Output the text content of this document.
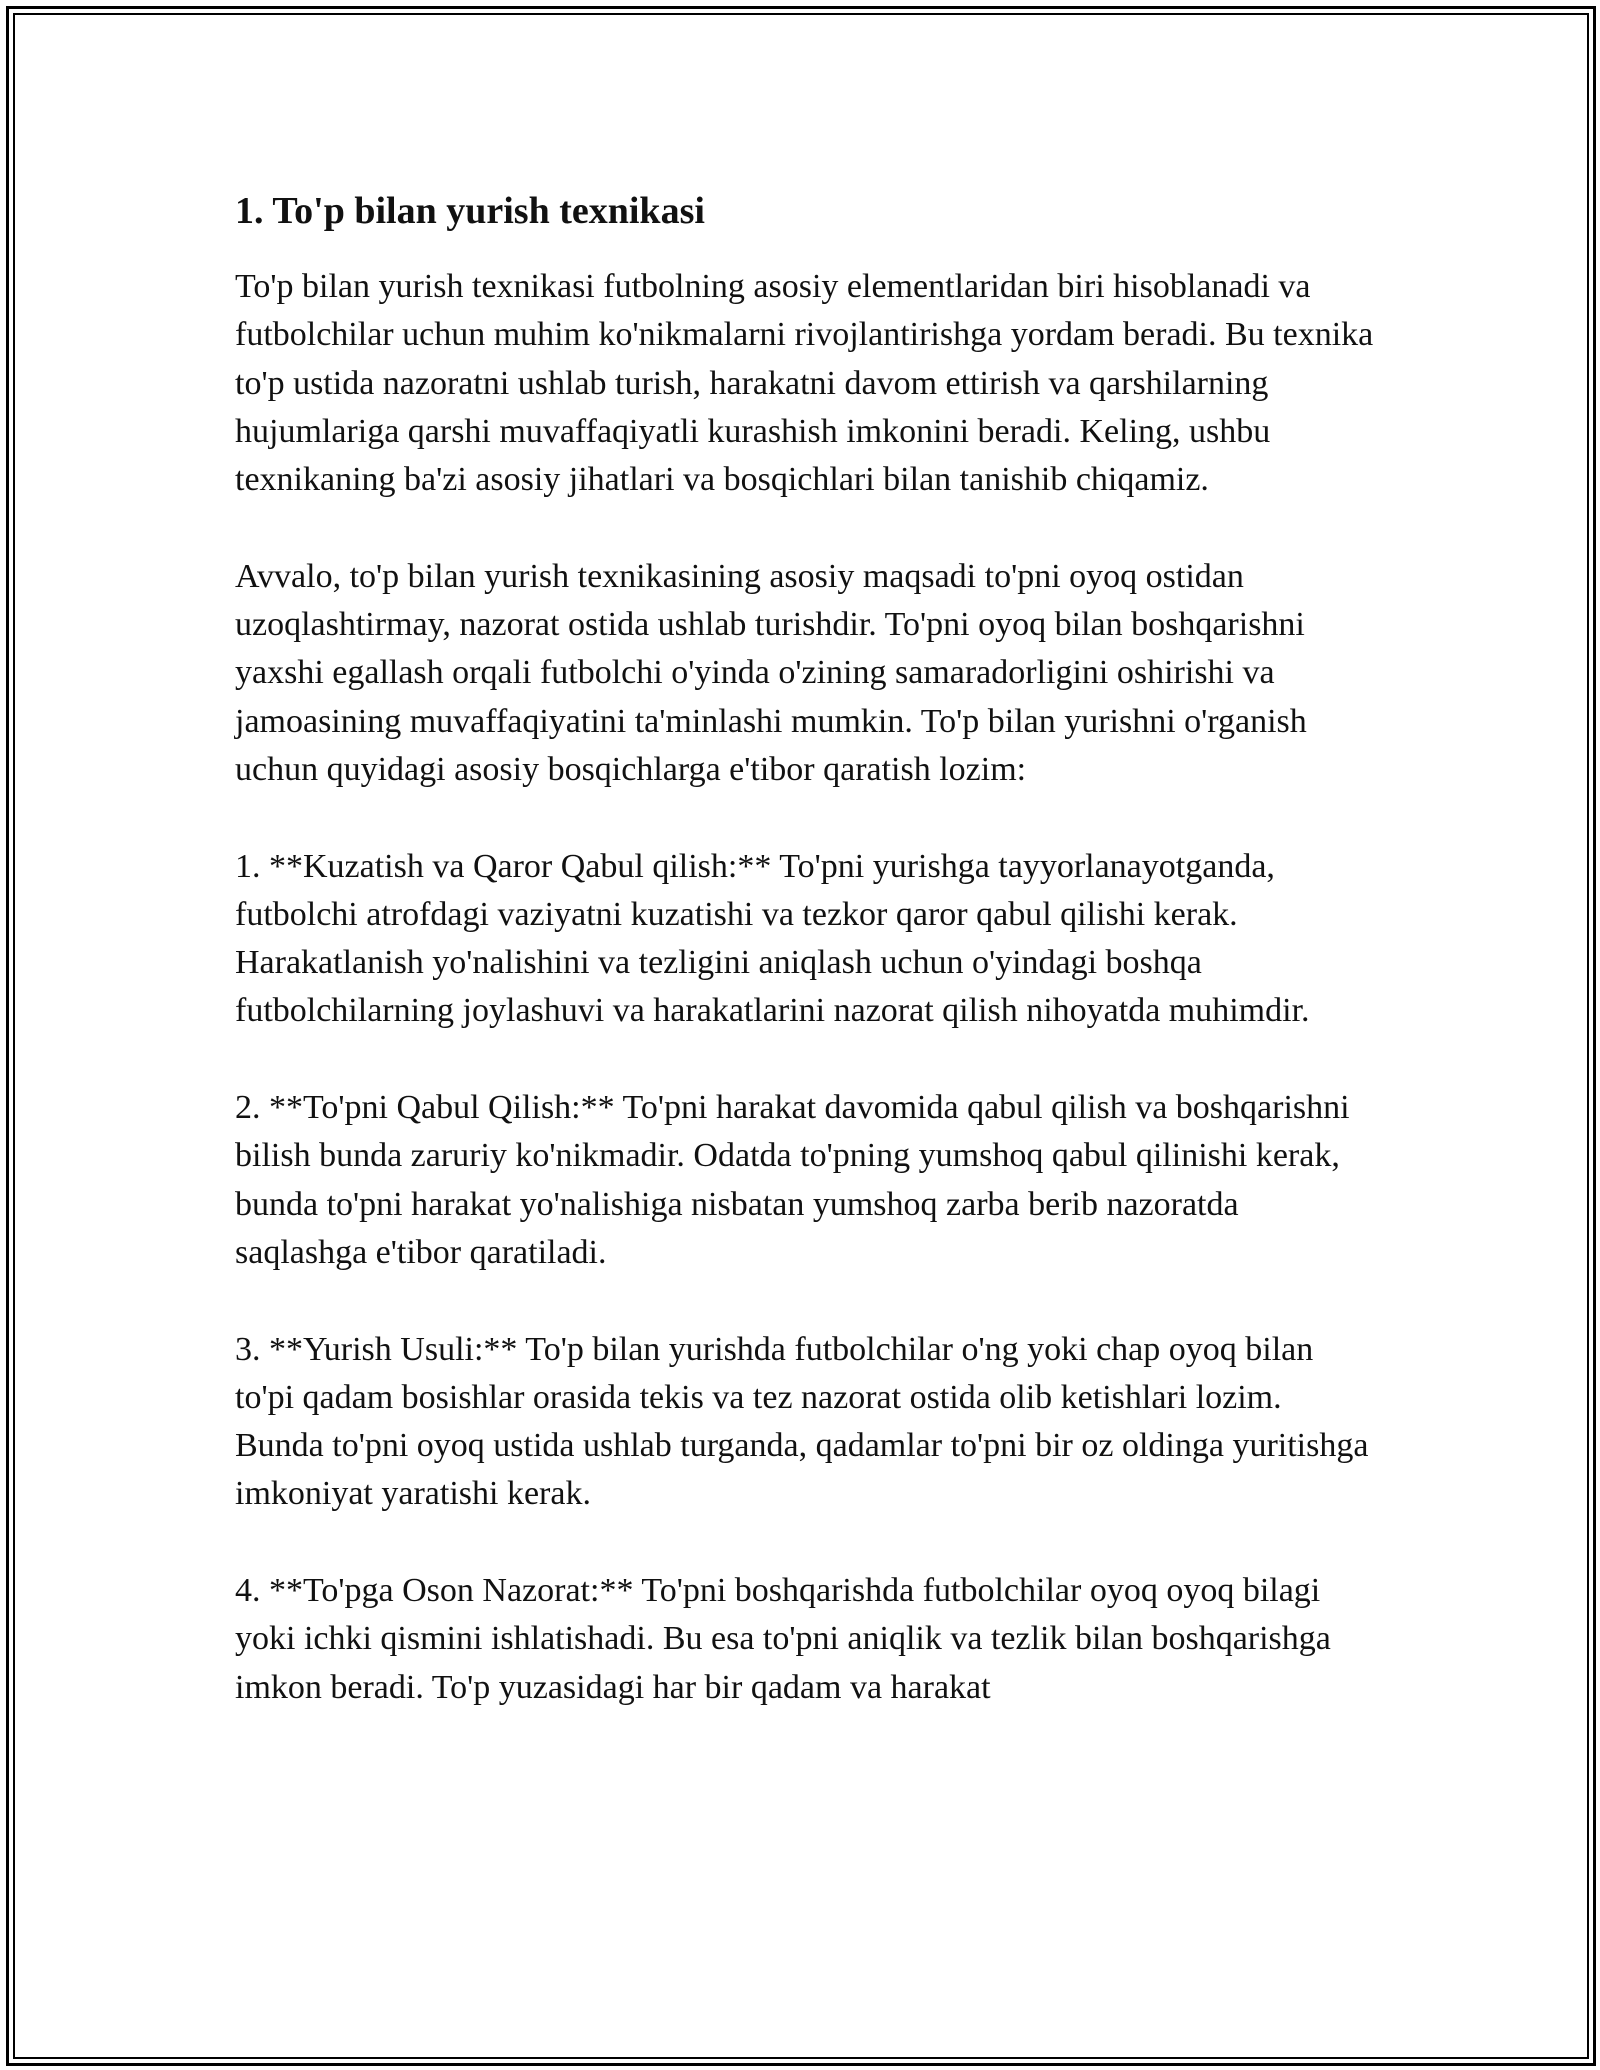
1. To'p bilan yurish texnikasi

To'p bilan yurish texnikasi futbolning asosiy elementlaridan biri hisoblanadi va futbolchilar uchun muhim ko'nikmalarni rivojlantirishga yordam beradi. Bu texnika to'p ustida nazoratni ushlab turish, harakatni davom ettirish va qarshilarning hujumlariga qarshi muvaffaqiyatli kurashish imkonini beradi. Keling, ushbu texnikaning ba'zi asosiy jihatlari va bosqichlari bilan tanishib chiqamiz.

Avvalo, to'p bilan yurish texnikasining asosiy maqsadi to'pni oyoq ostidan uzoqlashtirmay, nazorat ostida ushlab turishdir. To'pni oyoq bilan boshqarishni yaxshi egallash orqali futbolchi o'yinda o'zining samaradorligini oshirishi va jamoasining muvaffaqiyatini ta'minlashi mumkin. To'p bilan yurishni o'rganish uchun quyidagi asosiy bosqichlarga e'tibor qaratish lozim:

1. **Kuzatish va Qaror Qabul qilish:** To'pni yurishga tayyorlanayotganda, futbolchi atrofdagi vaziyatni kuzatishi va tezkor qaror qabul qilishi kerak. Harakatlanish yo'nalishini va tezligini aniqlash uchun o'yindagi boshqa futbolchilarning joylashuvi va harakatlarini nazorat qilish nihoyatda muhimdir.

2. **To'pni Qabul Qilish:** To'pni harakat davomida qabul qilish va boshqarishni bilish bunda zaruriy ko'nikmadir. Odatda to'pning yumshoq qabul qilinishi kerak, bunda to'pni harakat yo'nalishiga nisbatan yumshoq zarba berib nazoratda saqlashga e'tibor qaratiladi.

3. **Yurish Usuli:** To'p bilan yurishda futbolchilar o'ng yoki chap oyoq bilan to'pi qadam bosishlar orasida tekis va tez nazorat ostida olib ketishlari lozim. Bunda to'pni oyoq ustida ushlab turganda, qadamlar to'pni bir oz oldinga yuritishga imkoniyat yaratishi kerak.

4. **To'pga Oson Nazorat:** To'pni boshqarishda futbolchilar oyoq oyoq bilagi yoki ichki qismini ishlatishadi. Bu esa to'pni aniqlik va tezlik bilan boshqarishga imkon beradi. To'p yuzasidagi har bir qadam va harakat
